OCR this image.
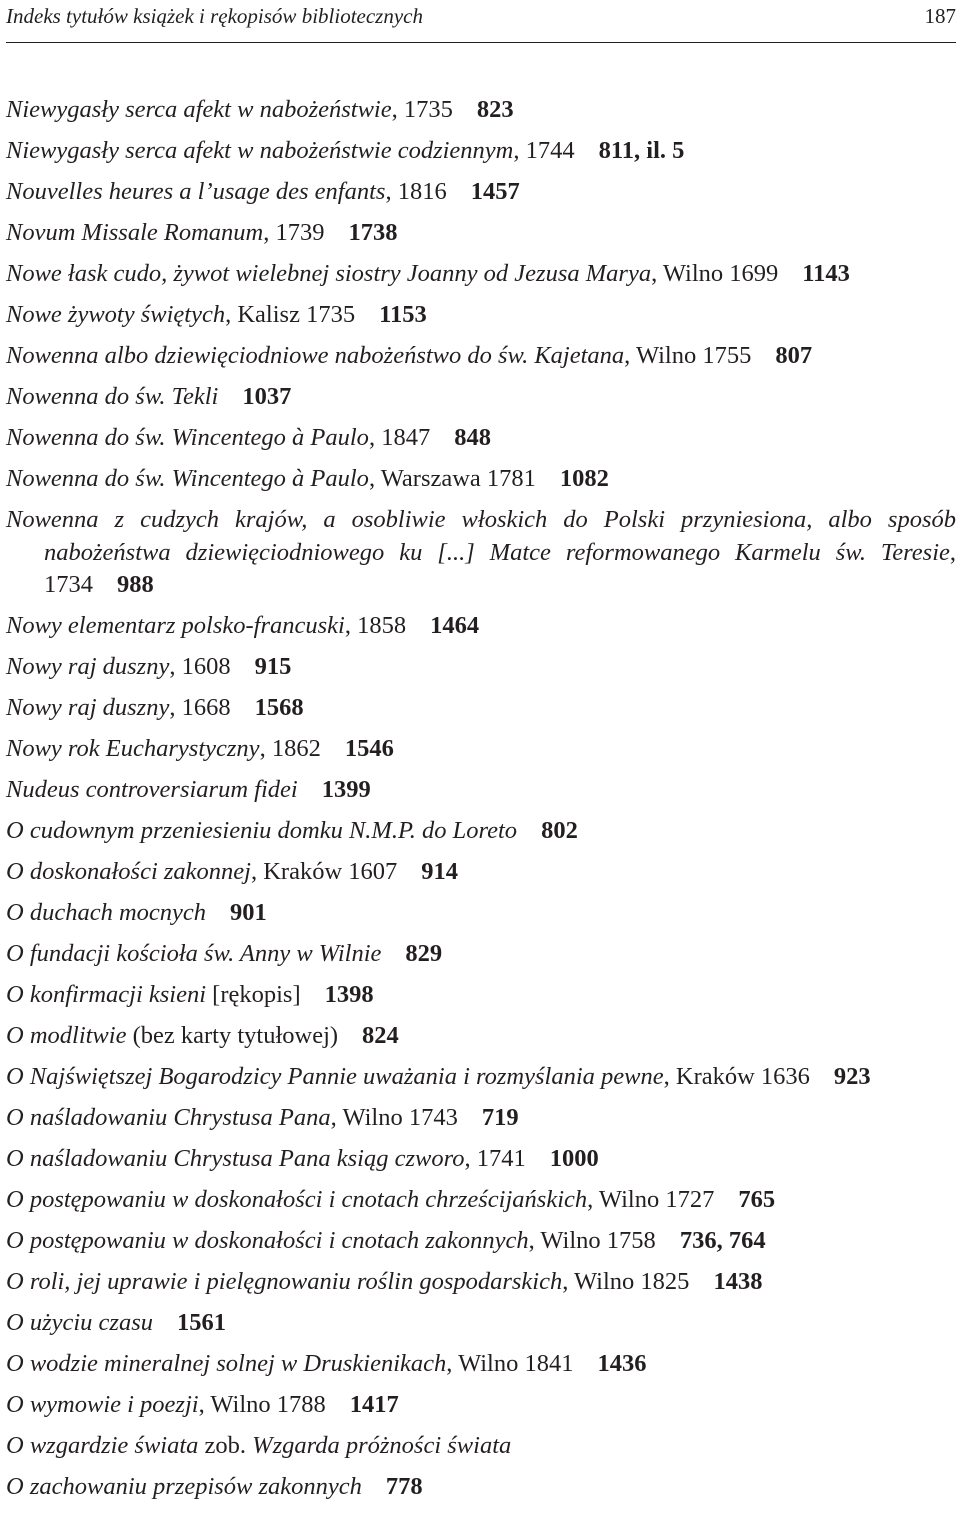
Indeks tytułów książek i rękopisów bibliotecznych	187
Niewygasły serca afekt w nabożeństwie, 1735 823
Niewygasły serca afekt w nabożeństwie codziennym, 1744 811, il. 5
Nouvelles heures a l’usage des enfants, 1816 1457
Novum Missale Romanum, 1739 1738
Nowe łask cudo, żywot wielebnej siostry Joanny od Jezusa Marya, Wilno 1699 1143
Nowe żywoty świętych, Kalisz 1735 1153
Nowenna albo dziewięciodniowe nabożeństwo do św. Kajetana, Wilno 1755 807
Nowenna do św. Tekli 1037
Nowenna do św. Wincentego à Paulo, 1847 848
Nowenna do św. Wincentego à Paulo, Warszawa 1781 1082
Nowenna z cudzych krajów, a osobliwie włoskich do Polski przyniesiona, albo sposób nabożeństwa dziewięciodniowego ku [...] Matce reformowanego Karmelu św. Teresie, 1734 988
Nowy elementarz polsko-francuski, 1858 1464
Nowy raj duszny, 1608 915
Nowy raj duszny, 1668 1568
Nowy rok Eucharystyczny, 1862 1546
Nudeus controversiarum fidei 1399
O cudownym przeniesieniu domku N.M.P. do Loreto 802
O doskonałości zakonnej, Kraków 1607 914
O duchach mocnych 901
O fundacji kościoła św. Anny w Wilnie 829
O konfirmacji ksieni [rękopis] 1398
O modlitwie (bez karty tytułowej) 824
O Najświętszej Bogarodzicy Pannie uważania i rozmyślania pewne, Kraków 1636 923
O naśladowaniu Chrystusa Pana, Wilno 1743 719
O naśladowaniu Chrystusa Pana ksiąg czworo, 1741 1000
O postępowaniu w doskonałości i cnotach chrześcijańskich, Wilno 1727 765
O postępowaniu w doskonałości i cnotach zakonnych, Wilno 1758 736, 764
O roli, jej uprawie i pielęgnowaniu roślin gospodarskich, Wilno 1825 1438
O użyciu czasu 1561
O wodzie mineralnej solnej w Druskienikach, Wilno 1841 1436
O wymowie i poezji, Wilno 1788 1417
O wzgardzie świata zob. Wzgarda próżności świata
O zachowaniu przepisów zakonnych 778
